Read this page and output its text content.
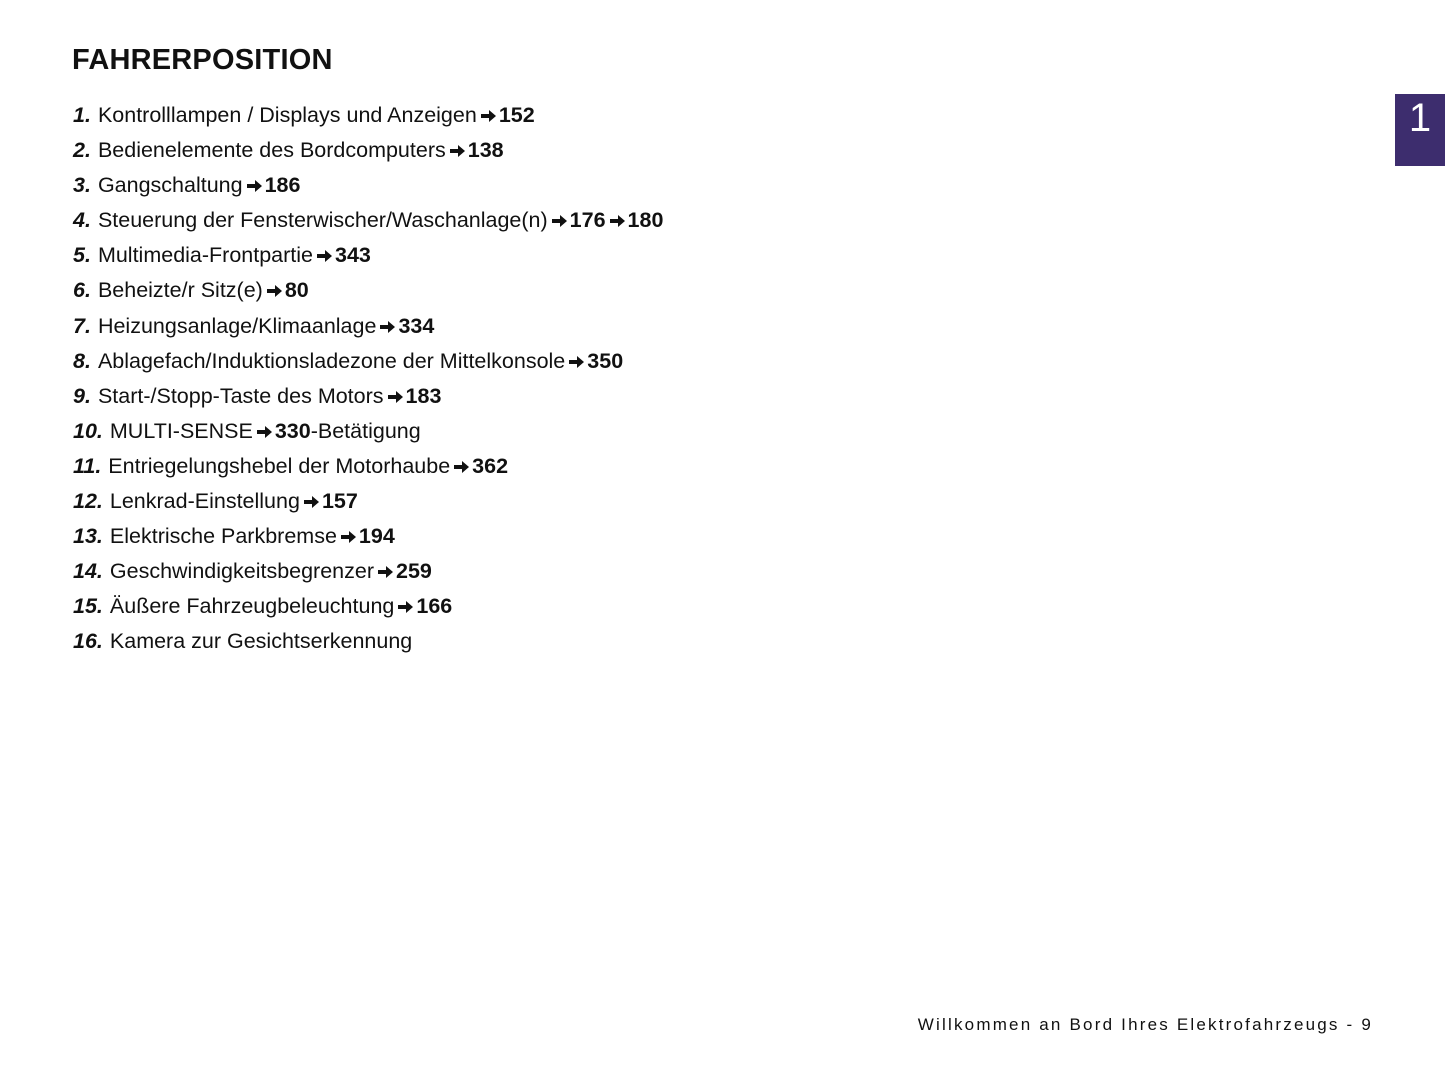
FAHRERPOSITION
1. Kontrolllampen / Displays und Anzeigen 152
2. Bedienelemente des Bordcomputers 138
3. Gangschaltung 186
4. Steuerung der Fensterwischer/Waschanlage(n) 176 180
5. Multimedia-Frontpartie 343
6. Beheizte/r Sitz(e) 80
7. Heizungsanlage/Klimaanlage 334
8. Ablagefach/Induktionsladezone der Mittelkonsole 350
9. Start-/Stopp-Taste des Motors 183
10. MULTI-SENSE 330-Betätigung
11. Entriegelungshebel der Motorhaube 362
12. Lenkrad-Einstellung 157
13. Elektrische Parkbremse 194
14. Geschwindigkeitsbegrenzer 259
15. Äußere Fahrzeugbeleuchtung 166
16. Kamera zur Gesichtserkennung
1
Willkommen an Bord Ihres Elektrofahrzeugs - 9
